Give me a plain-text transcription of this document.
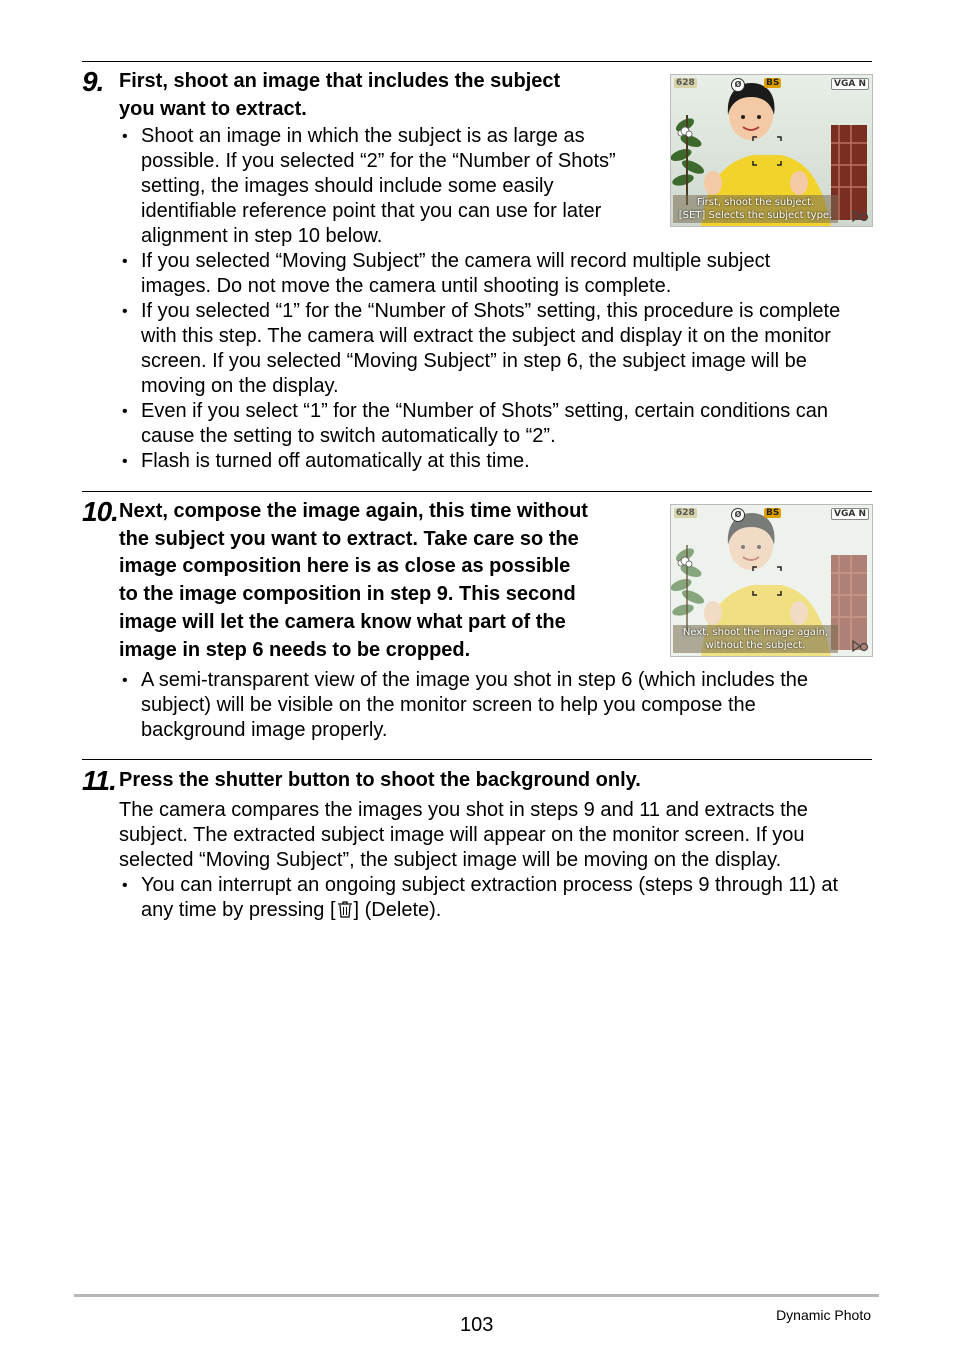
9. First, shoot an image that includes the subject
you want to extract.
• Shoot an image in which the subject is as large as
possible. If you selected “2” for the “Number of Shots”
setting, the images should include some easily
identifiable reference point that you can use for later
alignment in step 10 below.
• If you selected “Moving Subject” the camera will record multiple subject
images. Do not move the camera until shooting is complete.
• If you selected “1” for the “Number of Shots” setting, this procedure is complete
with this step. The camera will extract the subject and display it on the monitor
screen. If you selected “Moving Subject” in step 6, the subject image will be
moving on the display.
• Even if you select “1” for the “Number of Shots” setting, certain conditions can
cause the setting to switch automatically to “2”.
• Flash is turned off automatically at this time.
628	Ø	BS	VGA N
First, shoot the subject.
[SET] Selects the subject type.
10. Next, compose the image again, this time without
the subject you want to extract. Take care so the
image composition here is as close as possible
to the image composition in step 9. This second
image will let the camera know what part of the
image in step 6 needs to be cropped.
• A semi-transparent view of the image you shot in step 6 (which includes the
subject) will be visible on the monitor screen to help you compose the
background image properly.
628	Ø	BS	VGA N
Next, shoot the image again,
without the subject.
11. Press the shutter button to shoot the background only.
The camera compares the images you shot in steps 9 and 11 and extracts the
subject. The extracted subject image will appear on the monitor screen. If you
selected “Moving Subject”, the subject image will be moving on the display.
• You can interrupt an ongoing subject extraction process (steps 9 through 11) at
any time by pressing [ ] (Delete).
103	Dynamic Photo
